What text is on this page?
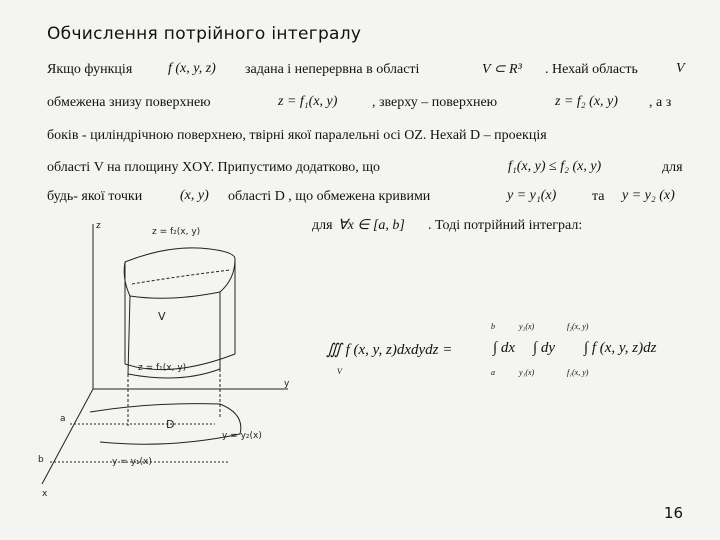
Обчислення потрійного інтегралу
Якщо функція	f (x, y, z) задана і неперервна в області	V ⊂ R³ . Нехай область	V
обмежена знизу поверхнею	z = f₁(x, y) , зверху – поверхнею	z = f₂ (x, y) , а з
боків - циліндрічною поверхнею, твірні якої паралельні осі OZ. Нехай D – проекція
області V на площину XOY. Припустимо додатково, що	f₁(x, y) ≤ f₂ (x, y)	для
будь- якої точки	(x, y) області D , що обмежена кривими	y = y₁(x)	та y = y₂ (x)
для ∀x ∈ [a, b] . Тоді потрійний інтеграл:
∭ f (x, y, z)dxdydz =
V
b
a
∫ dx
y₂(x)
y₁(x)
∫ dy
f₂(x, y)
f₁(x, y)
∫ f (x, y, z)dz
z
y
x
a
b
V
D
z = f₂(x, y)
z = f₁(x, y)
y = y₁(x)
y = y₂(x)
16
